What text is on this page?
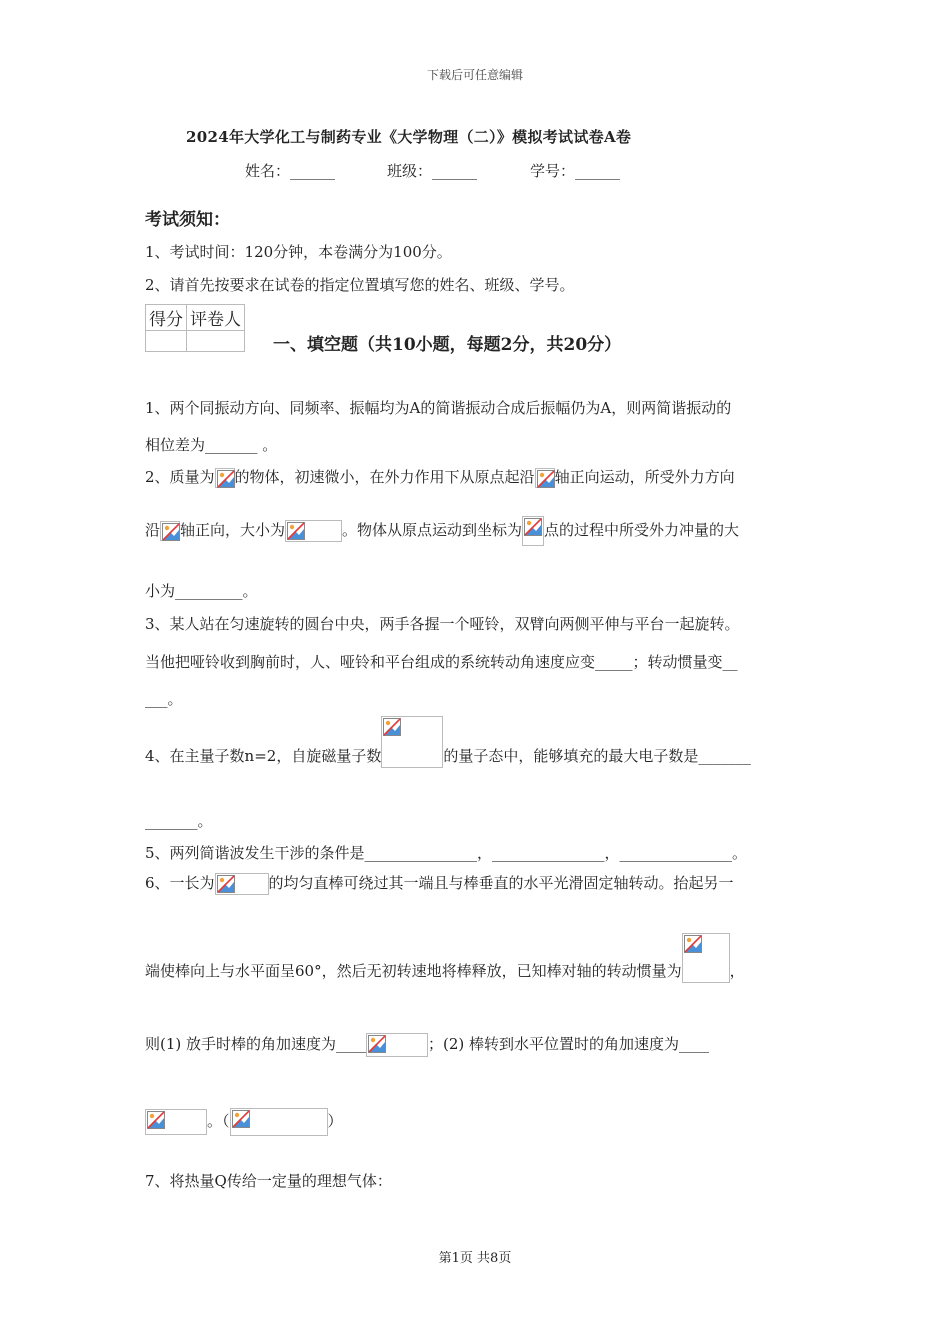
下载后可任意编辑
2024年大学化工与制药专业《大学物理（二）》模拟考试试卷A卷
姓名：______	班级：______	学号：______
考试须知：
1、考试时间：120分钟，本卷满分为100分。
2、请首先按要求在试卷的指定位置填写您的姓名、班级、学号。
得分	评卷人

一、填空题（共10小题，每题2分，共20分）
1、两个同振动方向、同频率、振幅均为A的简谐振动合成后振幅仍为A，则两简谐振动的
相位差为_______ 。
2、质量为 的物体，初速微小，在外力作用下从原点起沿 轴正向运动，所受外力方向
沿 轴正向，大小为	。物体从原点运动到坐标为 点的过程中所受外力冲量的大
小为_________。
3、某人站在匀速旋转的圆台中央，两手各握一个哑铃，双臂向两侧平伸与平台一起旋转。
当他把哑铃收到胸前时，人、哑铃和平台组成的系统转动角速度应变_____；转动惯量变__
___。
4、在主量子数n=2，自旋磁量子数	的量子态中，能够填充的最大电子数是_______
_______。
5、两列简谐波发生干涉的条件是_______________，_______________，_______________。
6、一长为	的均匀直棒可绕过其一端且与棒垂直的水平光滑固定轴转动。抬起另一
端使棒向上与水平面呈60°，然后无初转速地将棒释放，已知棒对轴的转动惯量为	，
则(1) 放手时棒的角加速度为____	；(2) 棒转到水平位置时的角加速度为____
。（	）
7、将热量Q传给一定量的理想气体：
第1页 共8页
